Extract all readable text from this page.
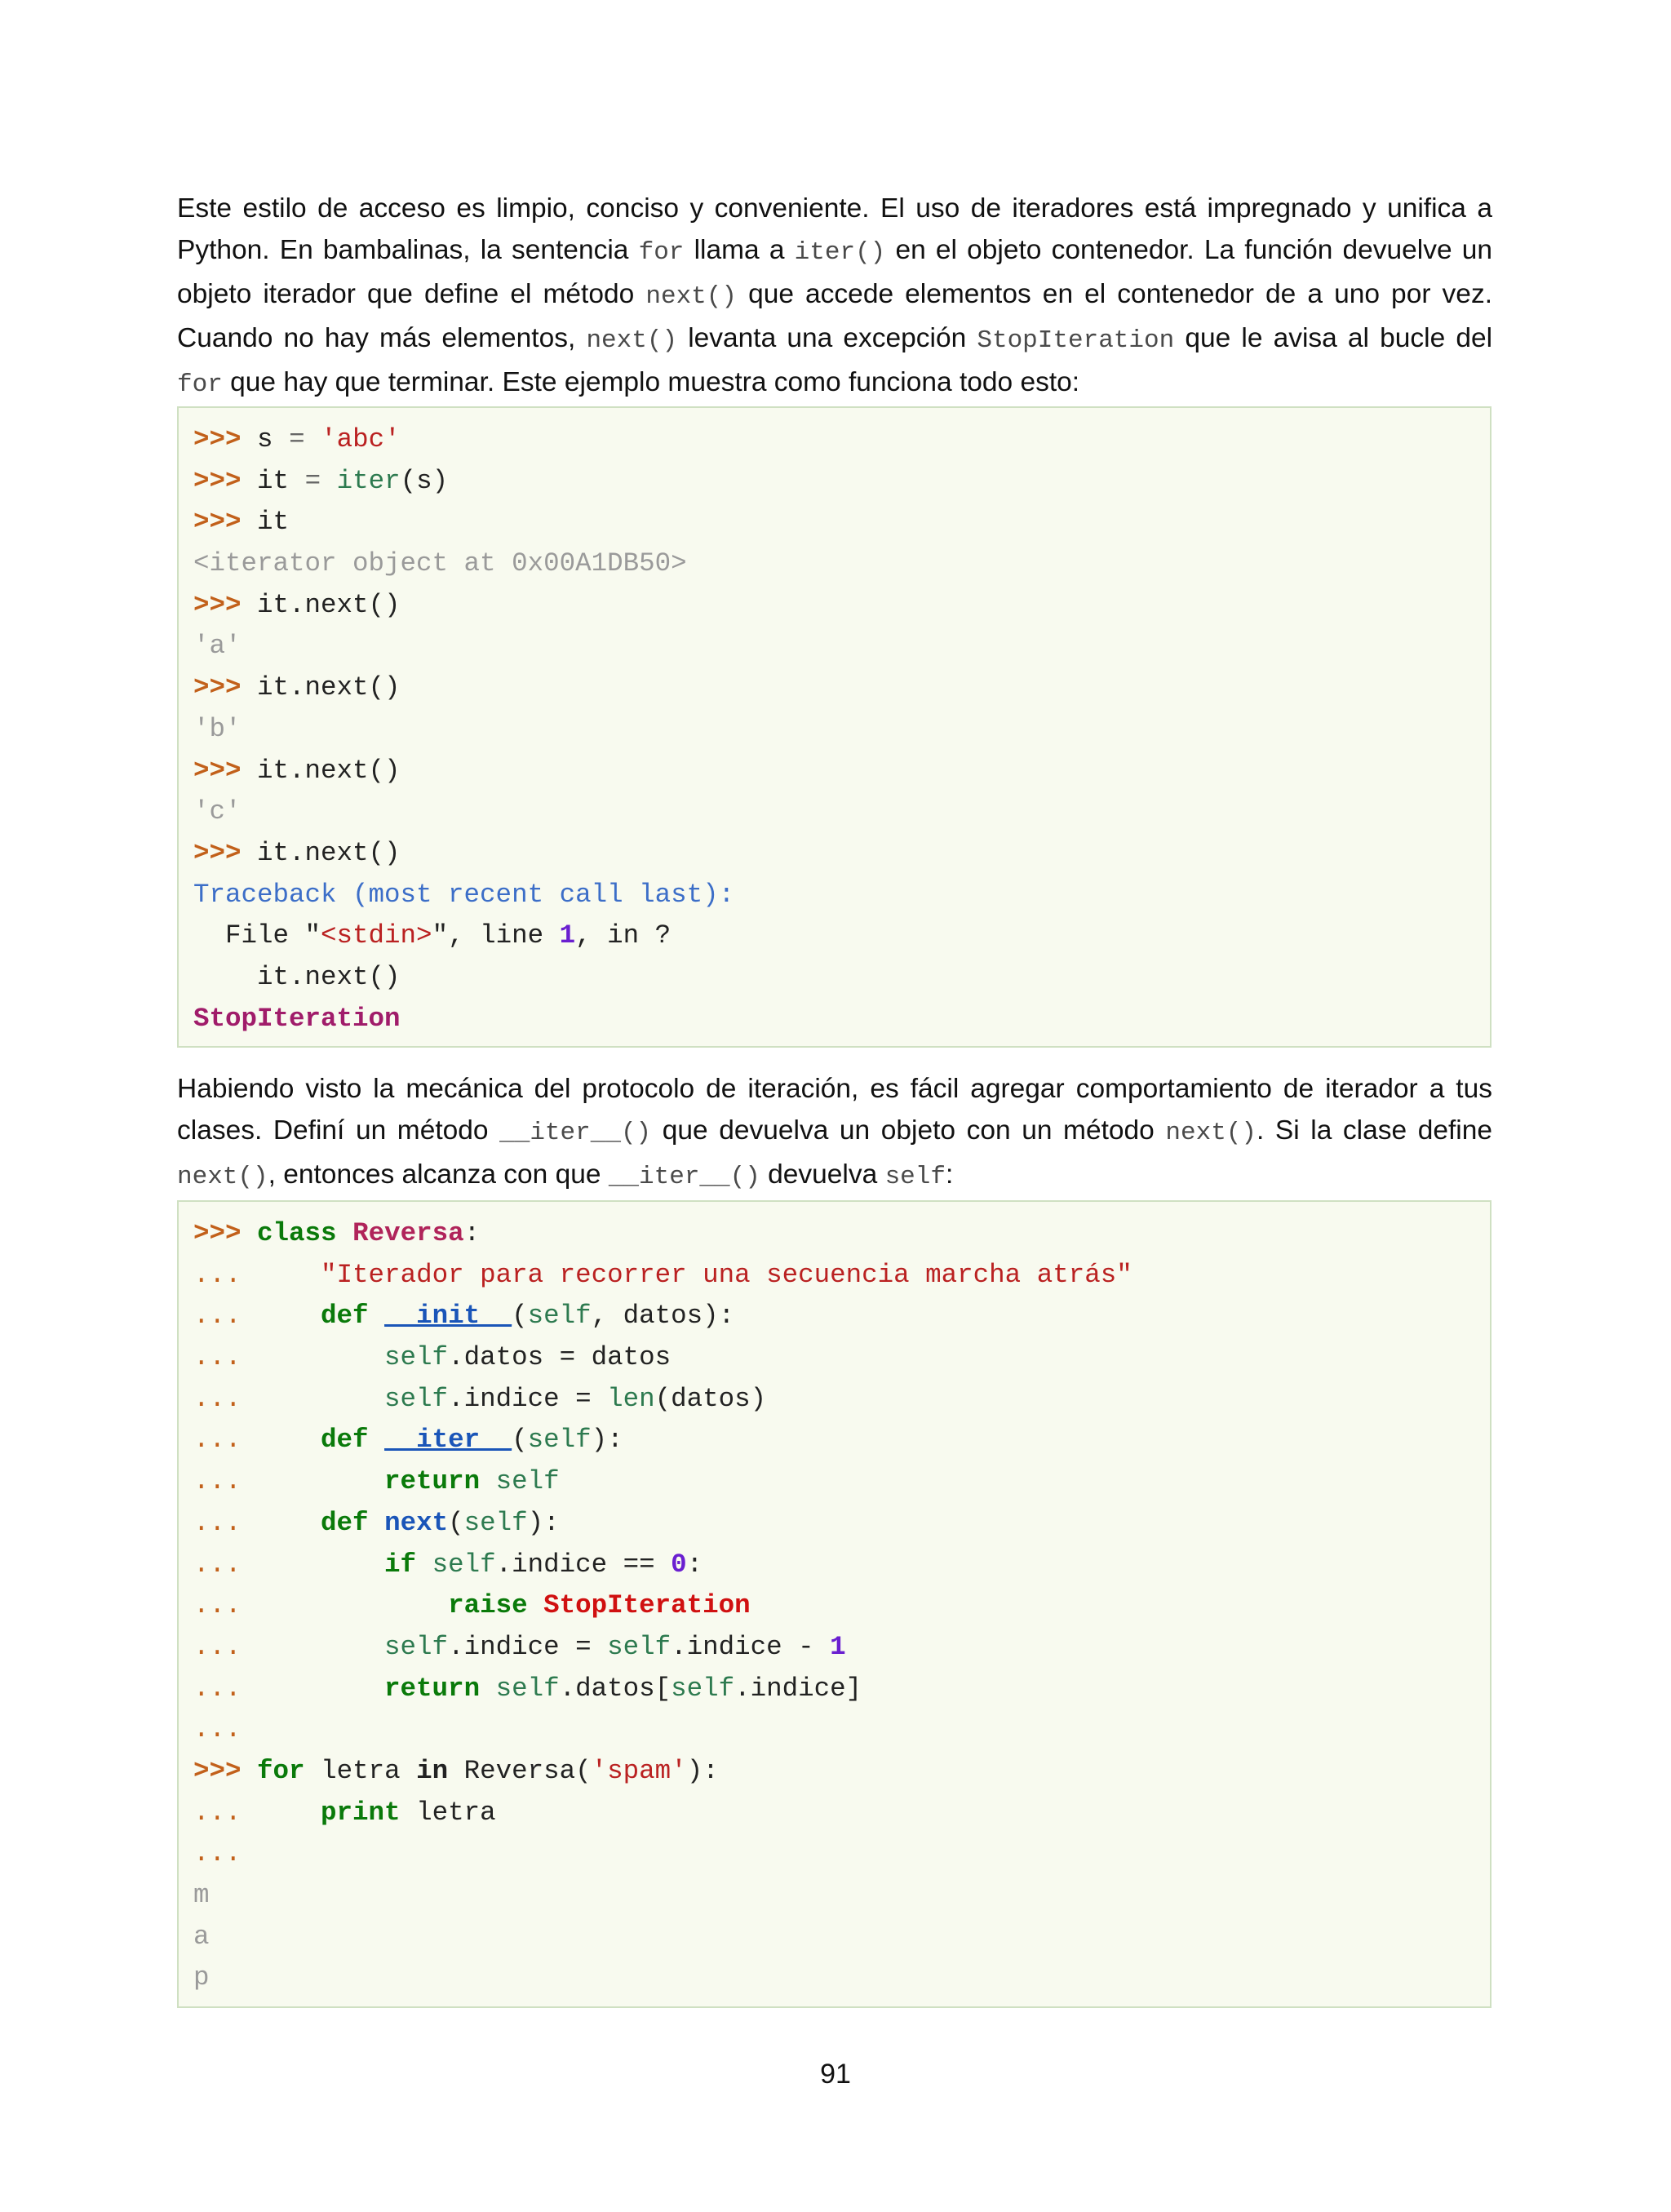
Este estilo de acceso es limpio, conciso y conveniente. El uso de iteradores está impregnado y unifica a Python. En bambalinas, la sentencia for llama a iter() en el objeto contenedor. La función devuelve un objeto iterador que define el método next() que accede elementos en el contenedor de a uno por vez. Cuando no hay más elementos, next() levanta una excepción StopIteration que le avisa al bucle del for que hay que terminar. Este ejemplo muestra como funciona todo esto:
>>> s = 'abc'
>>> it = iter(s)
>>> it
<iterator object at 0x00A1DB50>
>>> it.next()
'a'
>>> it.next()
'b'
>>> it.next()
'c'
>>> it.next()
Traceback (most recent call last):
File "<stdin>", line 1, in ?
it.next()
StopIteration
Habiendo visto la mecánica del protocolo de iteración, es fácil agregar comportamiento de iterador a tus clases. Definí un método __iter__() que devuelva un objeto con un método next(). Si la clase define next(), entonces alcanza con que __iter__() devuelva self:
>>> class Reversa:
...	"Iterador para recorrer una secuencia marcha atrás"
...	def __init__(self, datos):
...	self.datos = datos
...	self.indice = len(datos)
...	def __iter__(self):
...	return self
...	def next(self):
...	if self.indice == 0:
...	raise StopIteration
...	self.indice = self.indice - 1
...	return self.datos[self.indice]
...
>>> for letra in Reversa('spam'):
...	print letra
...
m
a
p
91
